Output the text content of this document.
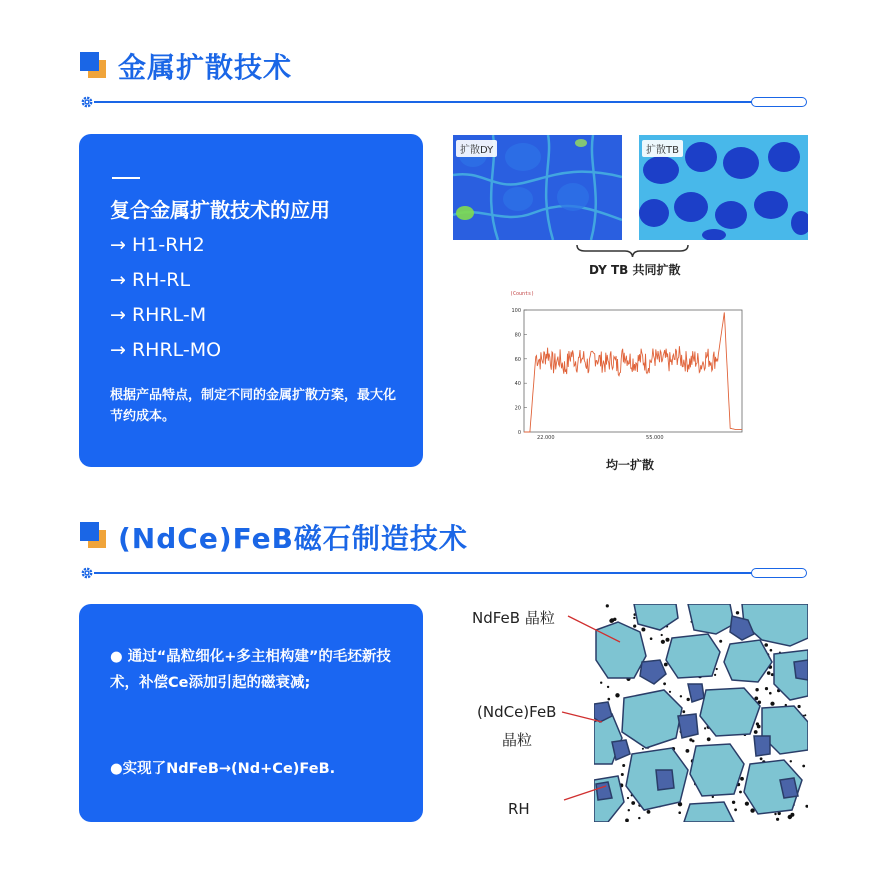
金属扩散技术
复合金属扩散技术的应用
→ H1-RH2
→ RH-RL
→ RHRL-M
→ RHRL-MO
根据产品特点，制定不同的金属扩散方案，最大化节约成本。
扩散DY	扩散TB
DY TB 共同扩散
100
80
60
40
20
0
22.000	55.000
(Counts)
均一扩散
(NdCe)FeB磁石制造技术
● 通过“晶粒细化+多主相构建”的毛坯新技术，补偿Ce添加引起的磁衰减;
●实现了NdFeB→(Nd+Ce)FeB.
NdFeB 晶粒
(NdCe)FeB
晶粒
RH
